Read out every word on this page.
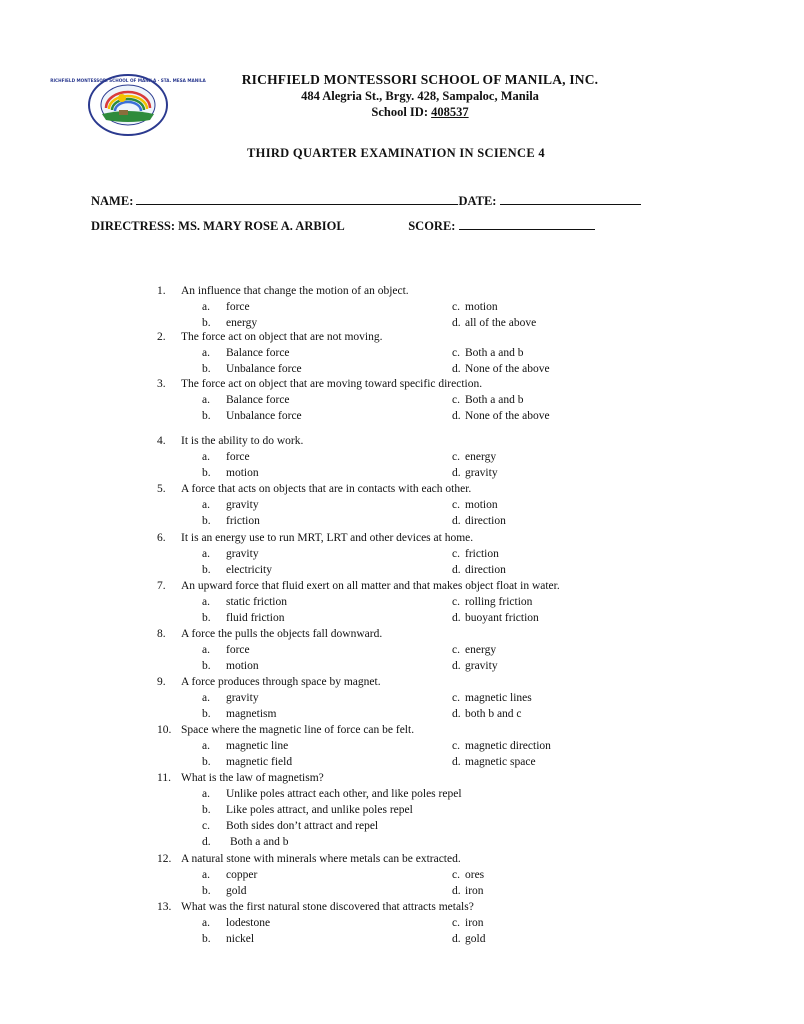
RICHFIELD MONTESSORI SCHOOL OF MANILA · STA. MESA MANILA	RICHFIELD MONTESSORI SCHOOL OF MANILA, INC.
484 Alegria St., Brgy. 428, Sampaloc, Manila
School ID: 408537
THIRD QUARTER EXAMINATION IN SCIENCE 4
NAME:	DATE:
DIRECTRESS: MS. MARY ROSE A. ARBIOL	SCORE:
1. An influence that change the motion of an object.
a. force	c. motion
b. energy	d. all of the above
2. The force act on object that are not moving.
a. Balance force	c. Both a and b
b. Unbalance force	d. None of the above
3. The force act on object that are moving toward specific direction.
a. Balance force	c. Both a and b
b. Unbalance force	d. None of the above
4. It is the ability to do work.
a. force	c. energy
b. motion	d. gravity
5. A force that acts on objects that are in contacts with each other.
a. gravity	c. motion
b. friction	d. direction
6. It is an energy use to run MRT, LRT and other devices at home.
a. gravity	c. friction
b. electricity	d. direction
7. An upward force that fluid exert on all matter and that makes object float in water.
a. static friction	c. rolling friction
b. fluid friction	d. buoyant friction
8. A force the pulls the objects fall downward.
a. force	c. energy
b. motion	d. gravity
9. A force produces through space by magnet.
a. gravity	c. magnetic lines
b. magnetism	d. both b and c
10. Space where the magnetic line of force can be felt.
a. magnetic line	c. magnetic direction
b. magnetic field	d. magnetic space
11. What is the law of magnetism?
a. Unlike poles attract each other, and like poles repel
b. Like poles attract, and unlike poles repel
c. Both sides don’t attract and repel
d. Both a and b
12. A natural stone with minerals where metals can be extracted.
a. copper	c. ores
b. gold	d. iron
13. What was the first natural stone discovered that attracts metals?
a. lodestone	c. iron
b. nickel	d. gold
